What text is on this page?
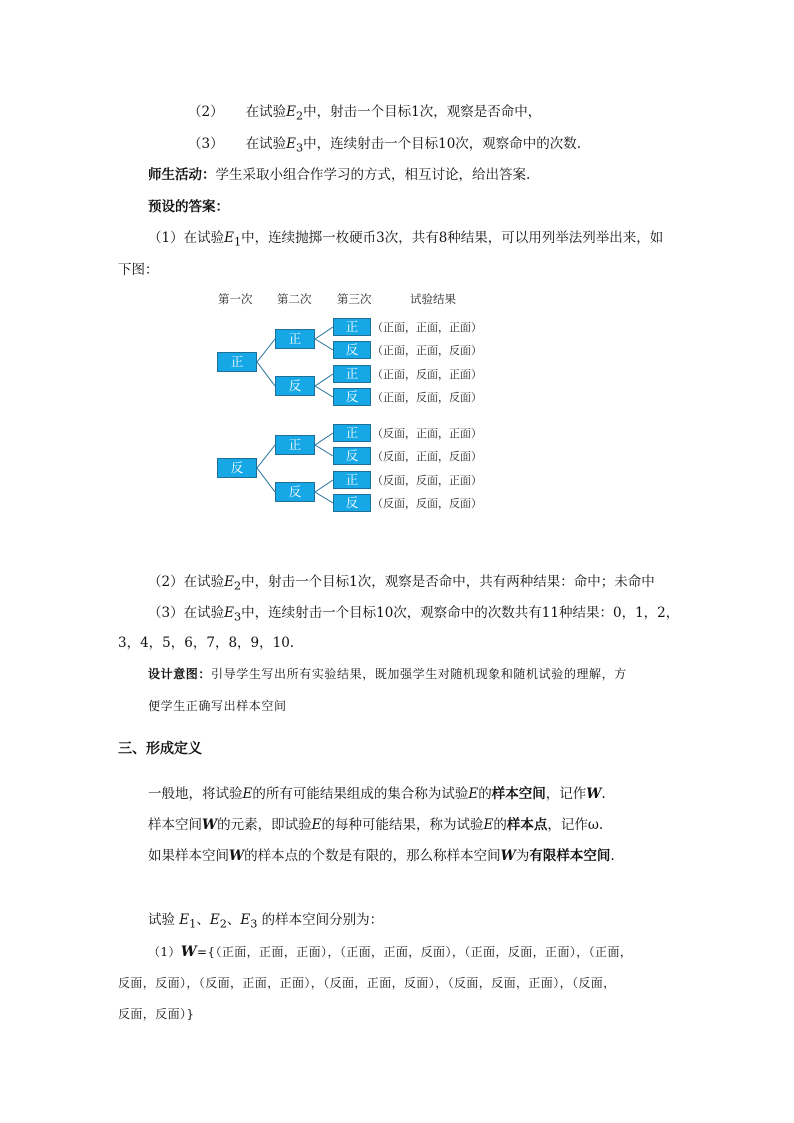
（2） 在试验$E_2$中，射击一个目标1次，观察是否命中，
（3） 在试验$E_3$中，连续射击一个目标10次，观察命中的次数.
师生活动：学生采取小组合作学习的方式，相互讨论，给出答案.
预设的答案：
（1）在试验$E_1$中，连续抛掷一枚硬币3次，共有8种结果，可以用列举法列举出来，如
下图：
第一次 第二次 第三次	试验结果
正
反
正
反
正
反
正
反
正
反
正
反
正
反
（正面，正面，正面）
（正面，正面，反面）
（正面，反面，正面）
（正面，反面，反面）
（反面，正面，正面）
（反面，正面，反面）
（反面，反面，正面）
（反面，反面，反面）
（2）在试验$E_2$中，射击一个目标1次，观察是否命中，共有两种结果：命中；未命中
（3）在试验$E_3$中，连续射击一个目标10次，观察命中的次数共有11种结果：0，1，2，
3，4，5，6，7，8，9，10.
设计意图：引导学生写出所有实验结果，既加强学生对随机现象和随机试验的理解，方
便学生正确写出样本空间
三、形成定义
一般地，将试验E的所有可能结果组成的集合称为试验E的样本空间，记作W.
样本空间W的元素，即试验E的每种可能结果，称为试验E的样本点，记作ω.
如果样本空间W的样本点的个数是有限的，那么称样本空间W为有限样本空间.
试验 $E_1$、$E_2$、$E_3$ 的样本空间分别为：
（1）W={（正面，正面，正面），（正面，正面，反面），（正面，反面，正面），（正面，
反面，反面），（反面，正面，正面），（反面，正面，反面），（反面，反面，正面），（反面，
反面，反面）}
